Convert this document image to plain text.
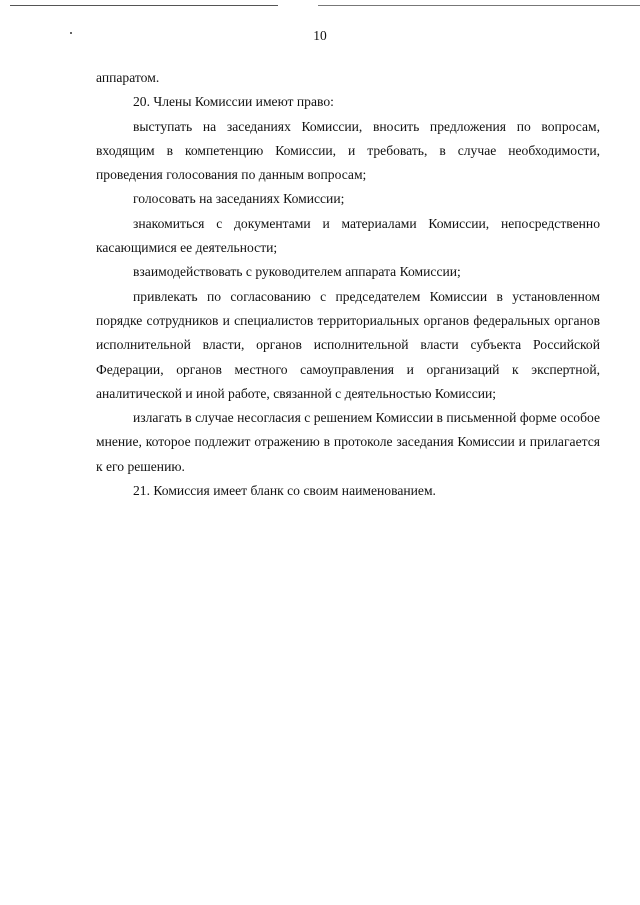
10

аппаратом.

20. Члены Комиссии имеют право:

выступать на заседаниях Комиссии, вносить предложения по вопросам, входящим в компетенцию Комиссии, и требовать, в случае необходимости, проведения голосования по данным вопросам;

голосовать на заседаниях Комиссии;

знакомиться с документами и материалами Комиссии, непосредственно касающимися ее деятельности;

взаимодействовать с руководителем аппарата Комиссии;

привлекать по согласованию с председателем Комиссии в установленном порядке сотрудников и специалистов территориальных органов федеральных органов исполнительной власти, органов исполнительной власти субъекта Российской Федерации, органов местного самоуправления и организаций к экспертной, аналитической и иной работе, связанной с деятельностью Комиссии;

излагать в случае несогласия с решением Комиссии в письменной форме особое мнение, которое подлежит отражению в протоколе заседания Комиссии и прилагается к его решению.

21. Комиссия имеет бланк со своим наименованием.
